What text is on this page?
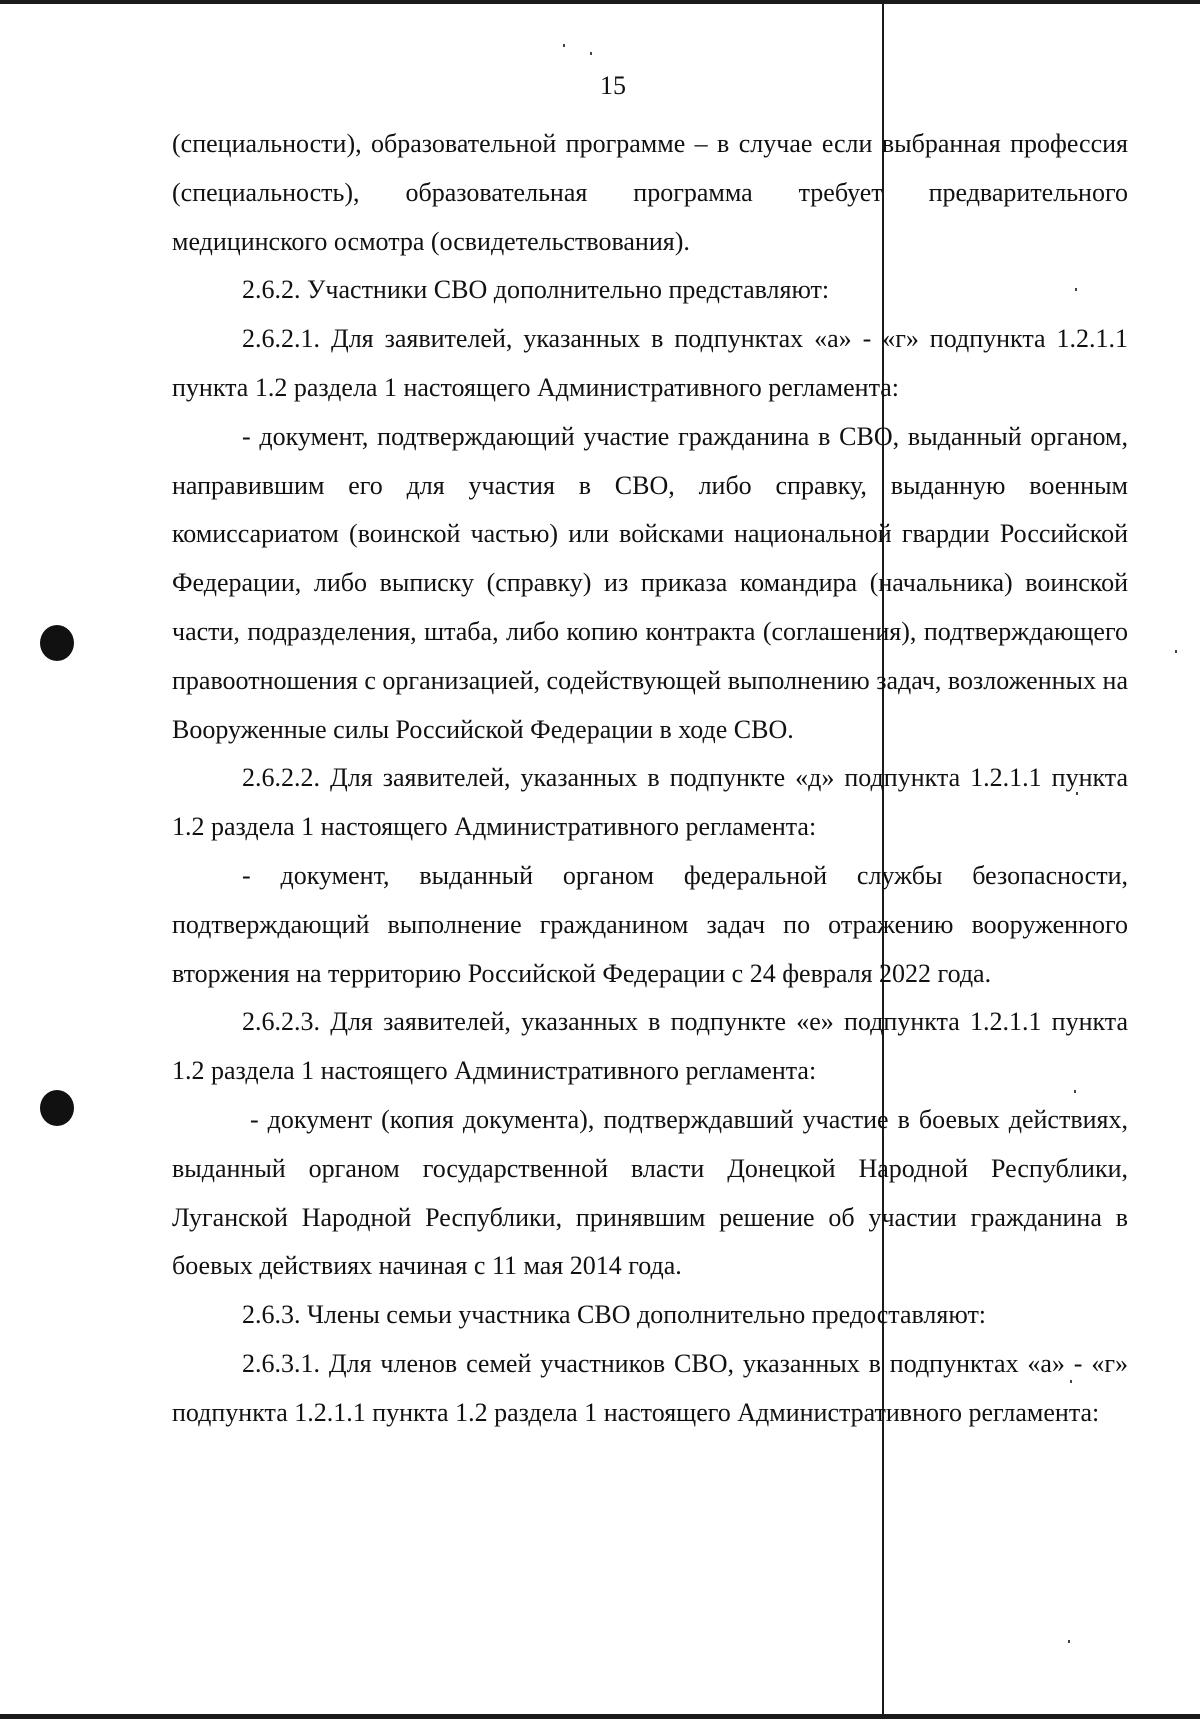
15

(специальности), образовательной программе – в случае если выбранная профессия (специальность), образовательная программа требует предварительного медицинского осмотра (освидетельствования).

2.6.2. Участники СВО дополнительно представляют:

2.6.2.1. Для заявителей, указанных в подпунктах «а» - «г» подпункта 1.2.1.1 пункта 1.2 раздела 1 настоящего Административного регламента:

- документ, подтверждающий участие гражданина в СВО, выданный органом, направившим его для участия в СВО, либо справку, выданную военным комиссариатом (воинской частью) или войсками национальной гвардии Российской Федерации, либо выписку (справку) из приказа командира (начальника) воинской части, подразделения, штаба, либо копию контракта (соглашения), подтверждающего правоотношения с организацией, содействующей выполнению задач, возложенных на Вооруженные силы Российской Федерации в ходе СВО.

2.6.2.2. Для заявителей, указанных в подпункте «д» подпункта 1.2.1.1 пункта 1.2 раздела 1 настоящего Административного регламента:

- документ, выданный органом федеральной службы безопасности, подтверждающий выполнение гражданином задач по отражению вооруженного вторжения на территорию Российской Федерации с 24 февраля 2022 года.

2.6.2.3. Для заявителей, указанных в подпункте «е» подпункта 1.2.1.1 пункта 1.2 раздела 1 настоящего Административного регламента:

- документ (копия документа), подтверждавший участие в боевых действиях, выданный органом государственной власти Донецкой Народной Республики, Луганской Народной Республики, принявшим решение об участии гражданина в боевых действиях начиная с 11 мая 2014 года.

2.6.3. Члены семьи участника СВО дополнительно предоставляют:

2.6.3.1. Для членов семей участников СВО, указанных в подпунктах «а» - «г» подпункта 1.2.1.1 пункта 1.2 раздела 1 настоящего Административного регламента:
